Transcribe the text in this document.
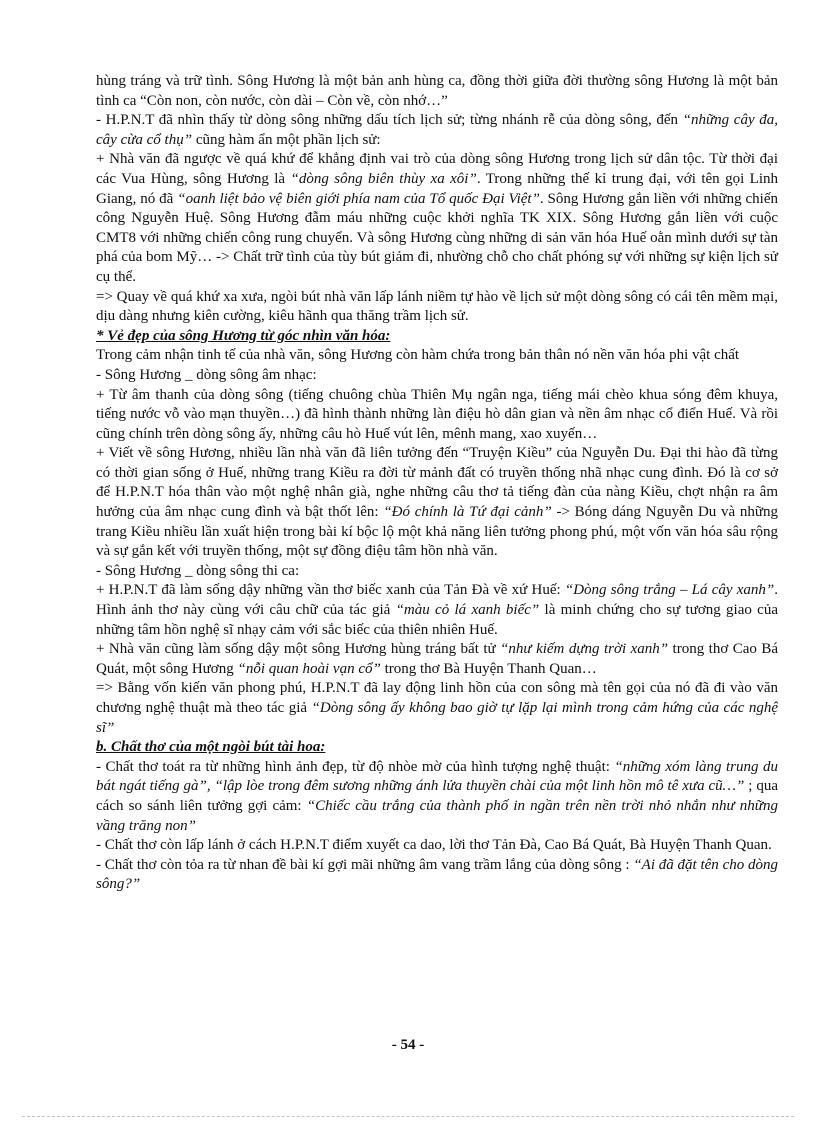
hùng tráng và trữ tình. Sông Hương là một bản anh hùng ca, đồng thời giữa đời thường sông Hương là một bản tình ca “Còn non, còn nước, còn dài – Còn về, còn nhớ…”

- H.P.N.T đã nhìn thấy từ dòng sông những dấu tích lịch sử; từng nhánh rễ của dòng sông, đến “những cây đa, cây cừa cổ thụ” cũng hàm ẩn một phần lịch sử:

+ Nhà văn đã ngược về quá khứ để khẳng định vai trò của dòng sông Hương trong lịch sử dân tộc. Từ thời đại các Vua Hùng, sông Hương là “dòng sông biên thùy xa xôi”. Trong những thế kỉ trung đại, với tên gọi Linh Giang, nó đã “oanh liệt bảo vệ biên giới phía nam của Tổ quốc Đại Việt”. Sông Hương gắn liền với những chiến công Nguyễn Huệ. Sông Hương đẫm máu những cuộc khởi nghĩa TK XIX. Sông Hương gắn liền với cuộc CMT8 với những chiến công rung chuyển. Và sông Hương cùng những di sản văn hóa Huế oằn mình dưới sự tàn phá của bom Mỹ… -> Chất trữ tình của tùy bút giảm đi, nhường chỗ cho chất phóng sự với những sự kiện lịch sử cụ thể.

=> Quay về quá khứ xa xưa, ngòi bút nhà văn lấp lánh niềm tự hào về lịch sử một dòng sông có cái tên mềm mại, dịu dàng nhưng kiên cường, kiêu hãnh qua thăng trầm lịch sử.

* Vẻ đẹp của sông Hương từ góc nhìn văn hóa:

Trong cảm nhận tinh tế của nhà văn, sông Hương còn hàm chứa trong bản thân nó nền văn hóa phi vật chất

- Sông Hương _ dòng sông âm nhạc:

+ Từ âm thanh của dòng sông (tiếng chuông chùa Thiên Mụ ngân nga, tiếng mái chèo khua sóng đêm khuya, tiếng nước vỗ vào mạn thuyền…) đã hình thành những làn điệu hò dân gian và nền âm nhạc cổ điển Huế. Và rồi cũng chính trên dòng sông ấy, những câu hò Huế vút lên, mênh mang, xao xuyến…

+ Viết về sông Hương, nhiều lần nhà văn đã liên tưởng đến “Truyện Kiều” của Nguyễn Du. Đại thi hào đã từng có thời gian sống ở Huế, những trang Kiều ra đời từ mảnh đất có truyền thống nhã nhạc cung đình. Đó là cơ sở để H.P.N.T hóa thân vào một nghệ nhân già, nghe những câu thơ tả tiếng đàn của nàng Kiều, chợt nhận ra âm hưởng của âm nhạc cung đình và bật thốt lên: “Đó chính là Tứ đại cảnh” -> Bóng dáng Nguyễn Du và những trang Kiều nhiều lần xuất hiện trong bài kí bộc lộ một khả năng liên tưởng phong phú, một vốn văn hóa sâu rộng và sự gắn kết với truyền thống, một sự đồng điệu tâm hồn nhà văn.

- Sông Hương _ dòng sông thi ca:

+ H.P.N.T đã làm sống dậy những vần thơ biếc xanh của Tản Đà về xứ Huế: “Dòng sông trắng – Lá cây xanh”. Hình ảnh thơ này cùng với câu chữ của tác giả “màu cỏ lá xanh biếc” là minh chứng cho sự tương giao của những tâm hồn nghệ sĩ nhạy cảm với sắc biếc của thiên nhiên Huế.

+ Nhà văn cũng làm sống dậy một sông Hương hùng tráng bất tử “như kiếm dựng trời xanh” trong thơ Cao Bá Quát, một sông Hương “nỗi quan hoài vạn cổ” trong thơ Bà Huyện Thanh Quan…

=> Bằng vốn kiến văn phong phú, H.P.N.T đã lay động linh hồn của con sông mà tên gọi của nó đã đi vào văn chương nghệ thuật mà theo tác giả “Dòng sông ấy không bao giờ tự lặp lại mình trong cảm hứng của các nghệ sĩ”

b. Chất thơ của một ngòi bút tài hoa:

- Chất thơ toát ra từ những hình ảnh đẹp, từ độ nhòe mờ của hình tượng nghệ thuật: “những xóm làng trung du bát ngát tiếng gà”, “lập lòe trong đêm sương những ánh lửa thuyền chài của một linh hồn mô tê xưa cũ…” ; qua cách so sánh liên tưởng gợi cảm: “Chiếc cầu trắng của thành phố in ngần trên nền trời nhỏ nhắn như những vầng trăng non”

- Chất thơ còn lấp lánh ở cách H.P.N.T điểm xuyết ca dao, lời thơ Tản Đà, Cao Bá Quát, Bà Huyện Thanh Quan.

- Chất thơ còn tỏa ra từ nhan đề bài kí gợi mãi những âm vang trầm lắng của dòng sông : “Ai đã đặt tên cho dòng sông?”

- 54 -
